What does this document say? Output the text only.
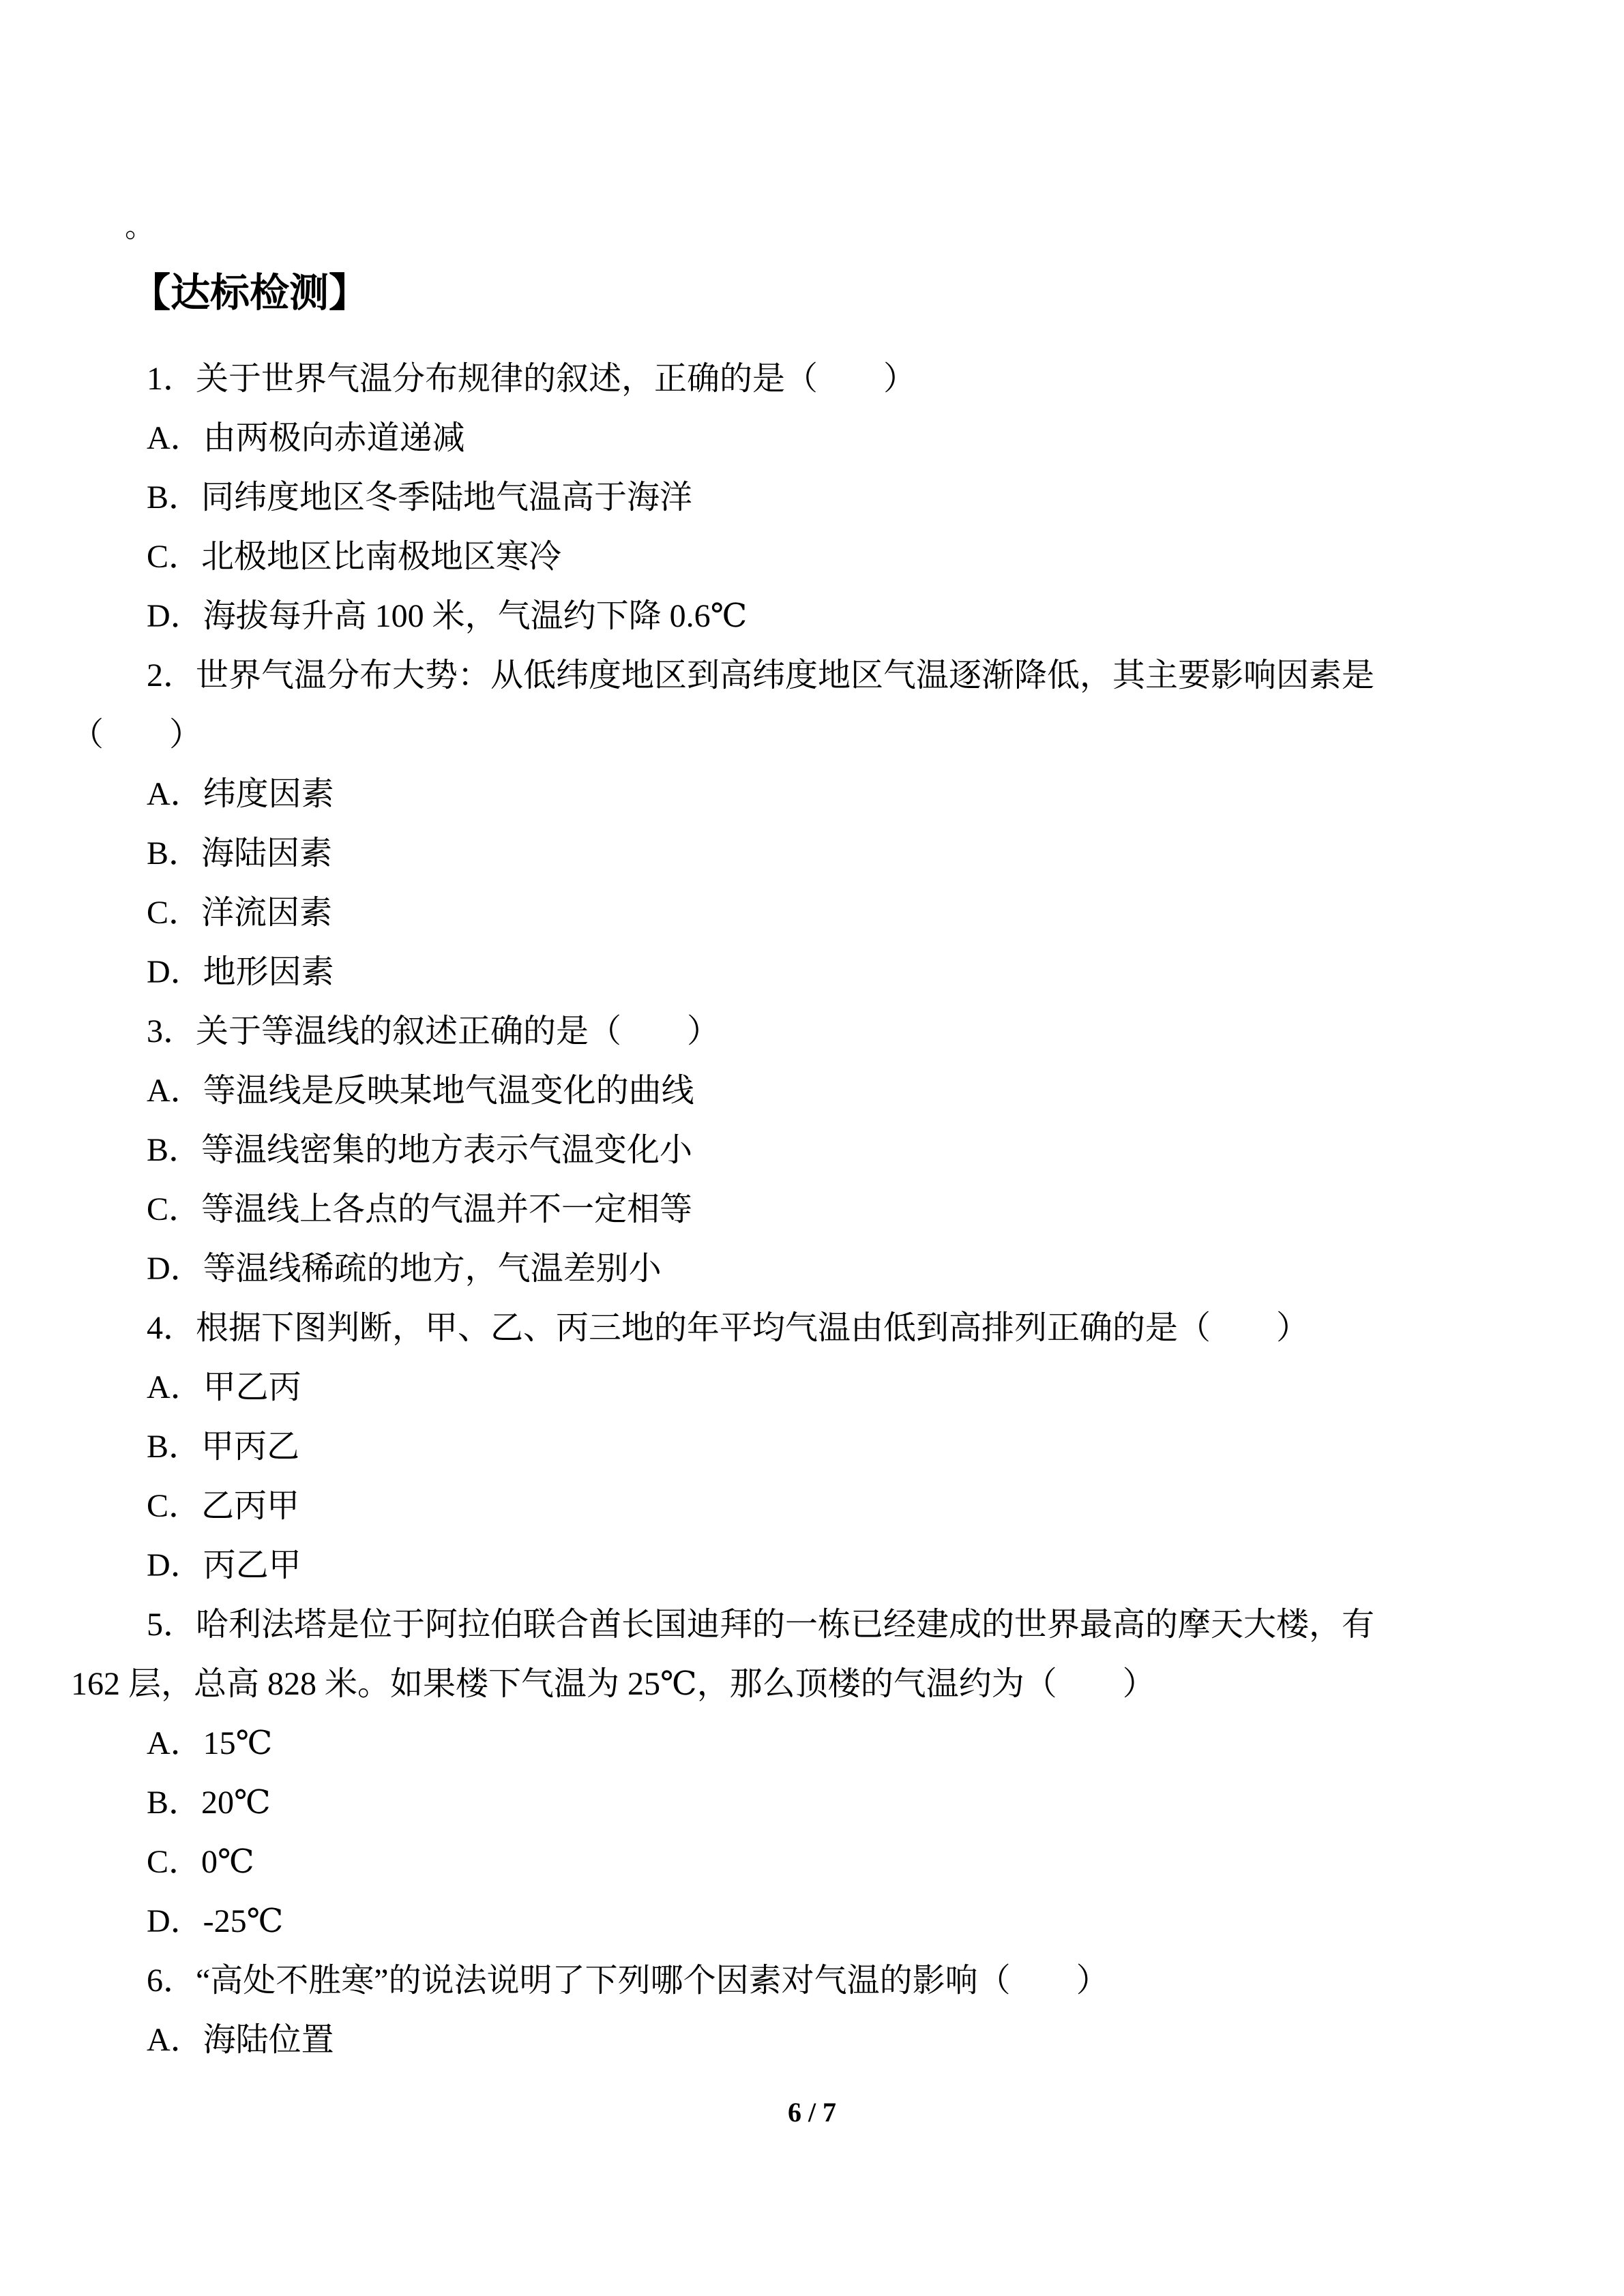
。
【达标检测】
1．关于世界气温分布规律的叙述，正确的是（　　）
A．由两极向赤道递减
B．同纬度地区冬季陆地气温高于海洋
C．北极地区比南极地区寒冷
D．海拔每升高 100 米，气温约下降 0.6℃
2．世界气温分布大势：从低纬度地区到高纬度地区气温逐渐降低，其主要影响因素是
（　　）
A．纬度因素
B．海陆因素
C．洋流因素
D．地形因素
3．关于等温线的叙述正确的是（　　）
A．等温线是反映某地气温变化的曲线
B．等温线密集的地方表示气温变化小
C．等温线上各点的气温并不一定相等
D．等温线稀疏的地方，气温差别小
4．根据下图判断，甲、乙、丙三地的年平均气温由低到高排列正确的是（　　）
A．甲乙丙
B．甲丙乙
C．乙丙甲
D．丙乙甲
5．哈利法塔是位于阿拉伯联合酋长国迪拜的一栋已经建成的世界最高的摩天大楼，有
162 层，总高 828 米。如果楼下气温为 25℃，那么顶楼的气温约为（　　）
A．15℃
B．20℃
C．0℃
D．-25℃
6．“高处不胜寒”的说法说明了下列哪个因素对气温的影响（　　）
A．海陆位置
6 / 7
